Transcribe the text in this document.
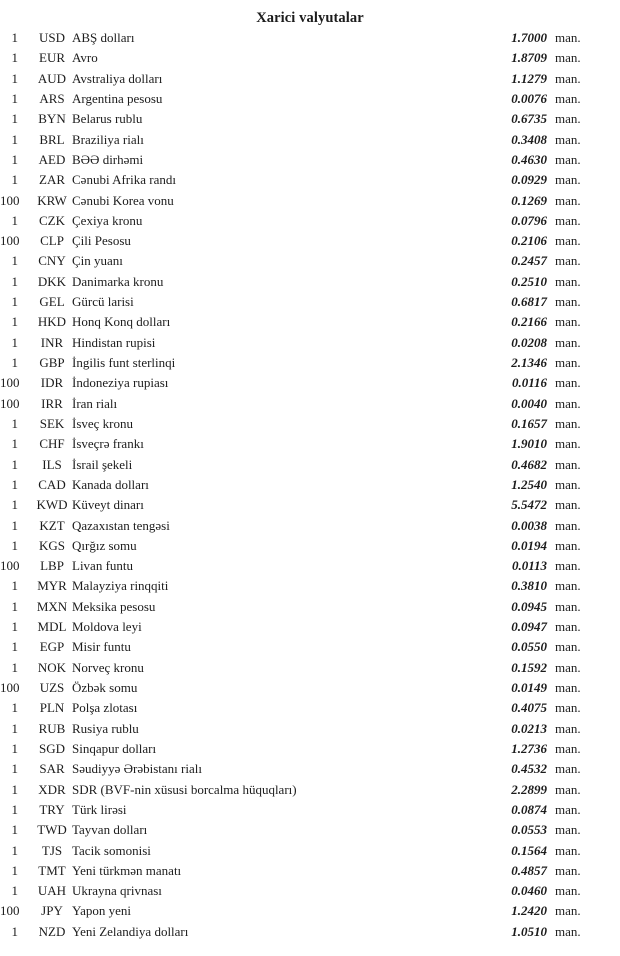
Xarici valyutalar
1	USD ABŞ dolları	1.7000 man.
1	EUR Avro	1.8709 man.
1	AUD Avstraliya dolları	1.1279 man.
1	ARS Argentina pesosu	0.0076 man.
1	BYN Belarus rublu	0.6735 man.
1	BRL Braziliya rialı	0.3408 man.
1	AED BƏƏ dirhəmi	0.4630 man.
1	ZAR Cənubi Afrika randı	0.0929 man.
100	KRW Cənubi Korea vonu	0.1269 man.
1	CZK Çexiya kronu	0.0796 man.
100	CLP Çili Pesosu	0.2106 man.
1	CNY Çin yuanı	0.2457 man.
1	DKK Danimarka kronu	0.2510 man.
1	GEL Gürcü larisi	0.6817 man.
1	HKD Honq Konq dolları	0.2166 man.
1	INR Hindistan rupisi	0.0208 man.
1	GBP İngilis funt sterlinqi	2.1346 man.
100	IDR İndoneziya rupiası	0.0116 man.
100	IRR İran rialı	0.0040 man.
1	SEK İsveç kronu	0.1657 man.
1	CHF İsveçrə frankı	1.9010 man.
1	ILS İsrail şekeli	0.4682 man.
1	CAD Kanada dolları	1.2540 man.
1	KWD Küveyt dinarı	5.5472 man.
1	KZT Qazaxıstan tengəsi	0.0038 man.
1	KGS Qırğız somu	0.0194 man.
100	LBP Livan funtu	0.0113 man.
1	MYR Malayziya rinqqiti	0.3810 man.
1	MXN Meksika pesosu	0.0945 man.
1	MDL Moldova leyi	0.0947 man.
1	EGP Misir funtu	0.0550 man.
1	NOK Norveç kronu	0.1592 man.
100	UZS Özbək somu	0.0149 man.
1	PLN Polşa zlotası	0.4075 man.
1	RUB Rusiya rublu	0.0213 man.
1	SGD Sinqapur dolları	1.2736 man.
1	SAR Səudiyyə Ərəbistanı rialı	0.4532 man.
1	XDR SDR (BVF-nin xüsusi borcalma hüquqları)	2.2899 man.
1	TRY Türk lirəsi	0.0874 man.
1	TWD Tayvan dolları	0.0553 man.
1	TJS Tacik somonisi	0.1564 man.
1	TMT Yeni türkmən manatı	0.4857 man.
1	UAH Ukrayna qrivnası	0.0460 man.
100	JPY Yapon yeni	1.2420 man.
1	NZD Yeni Zelandiya dolları	1.0510 man.
